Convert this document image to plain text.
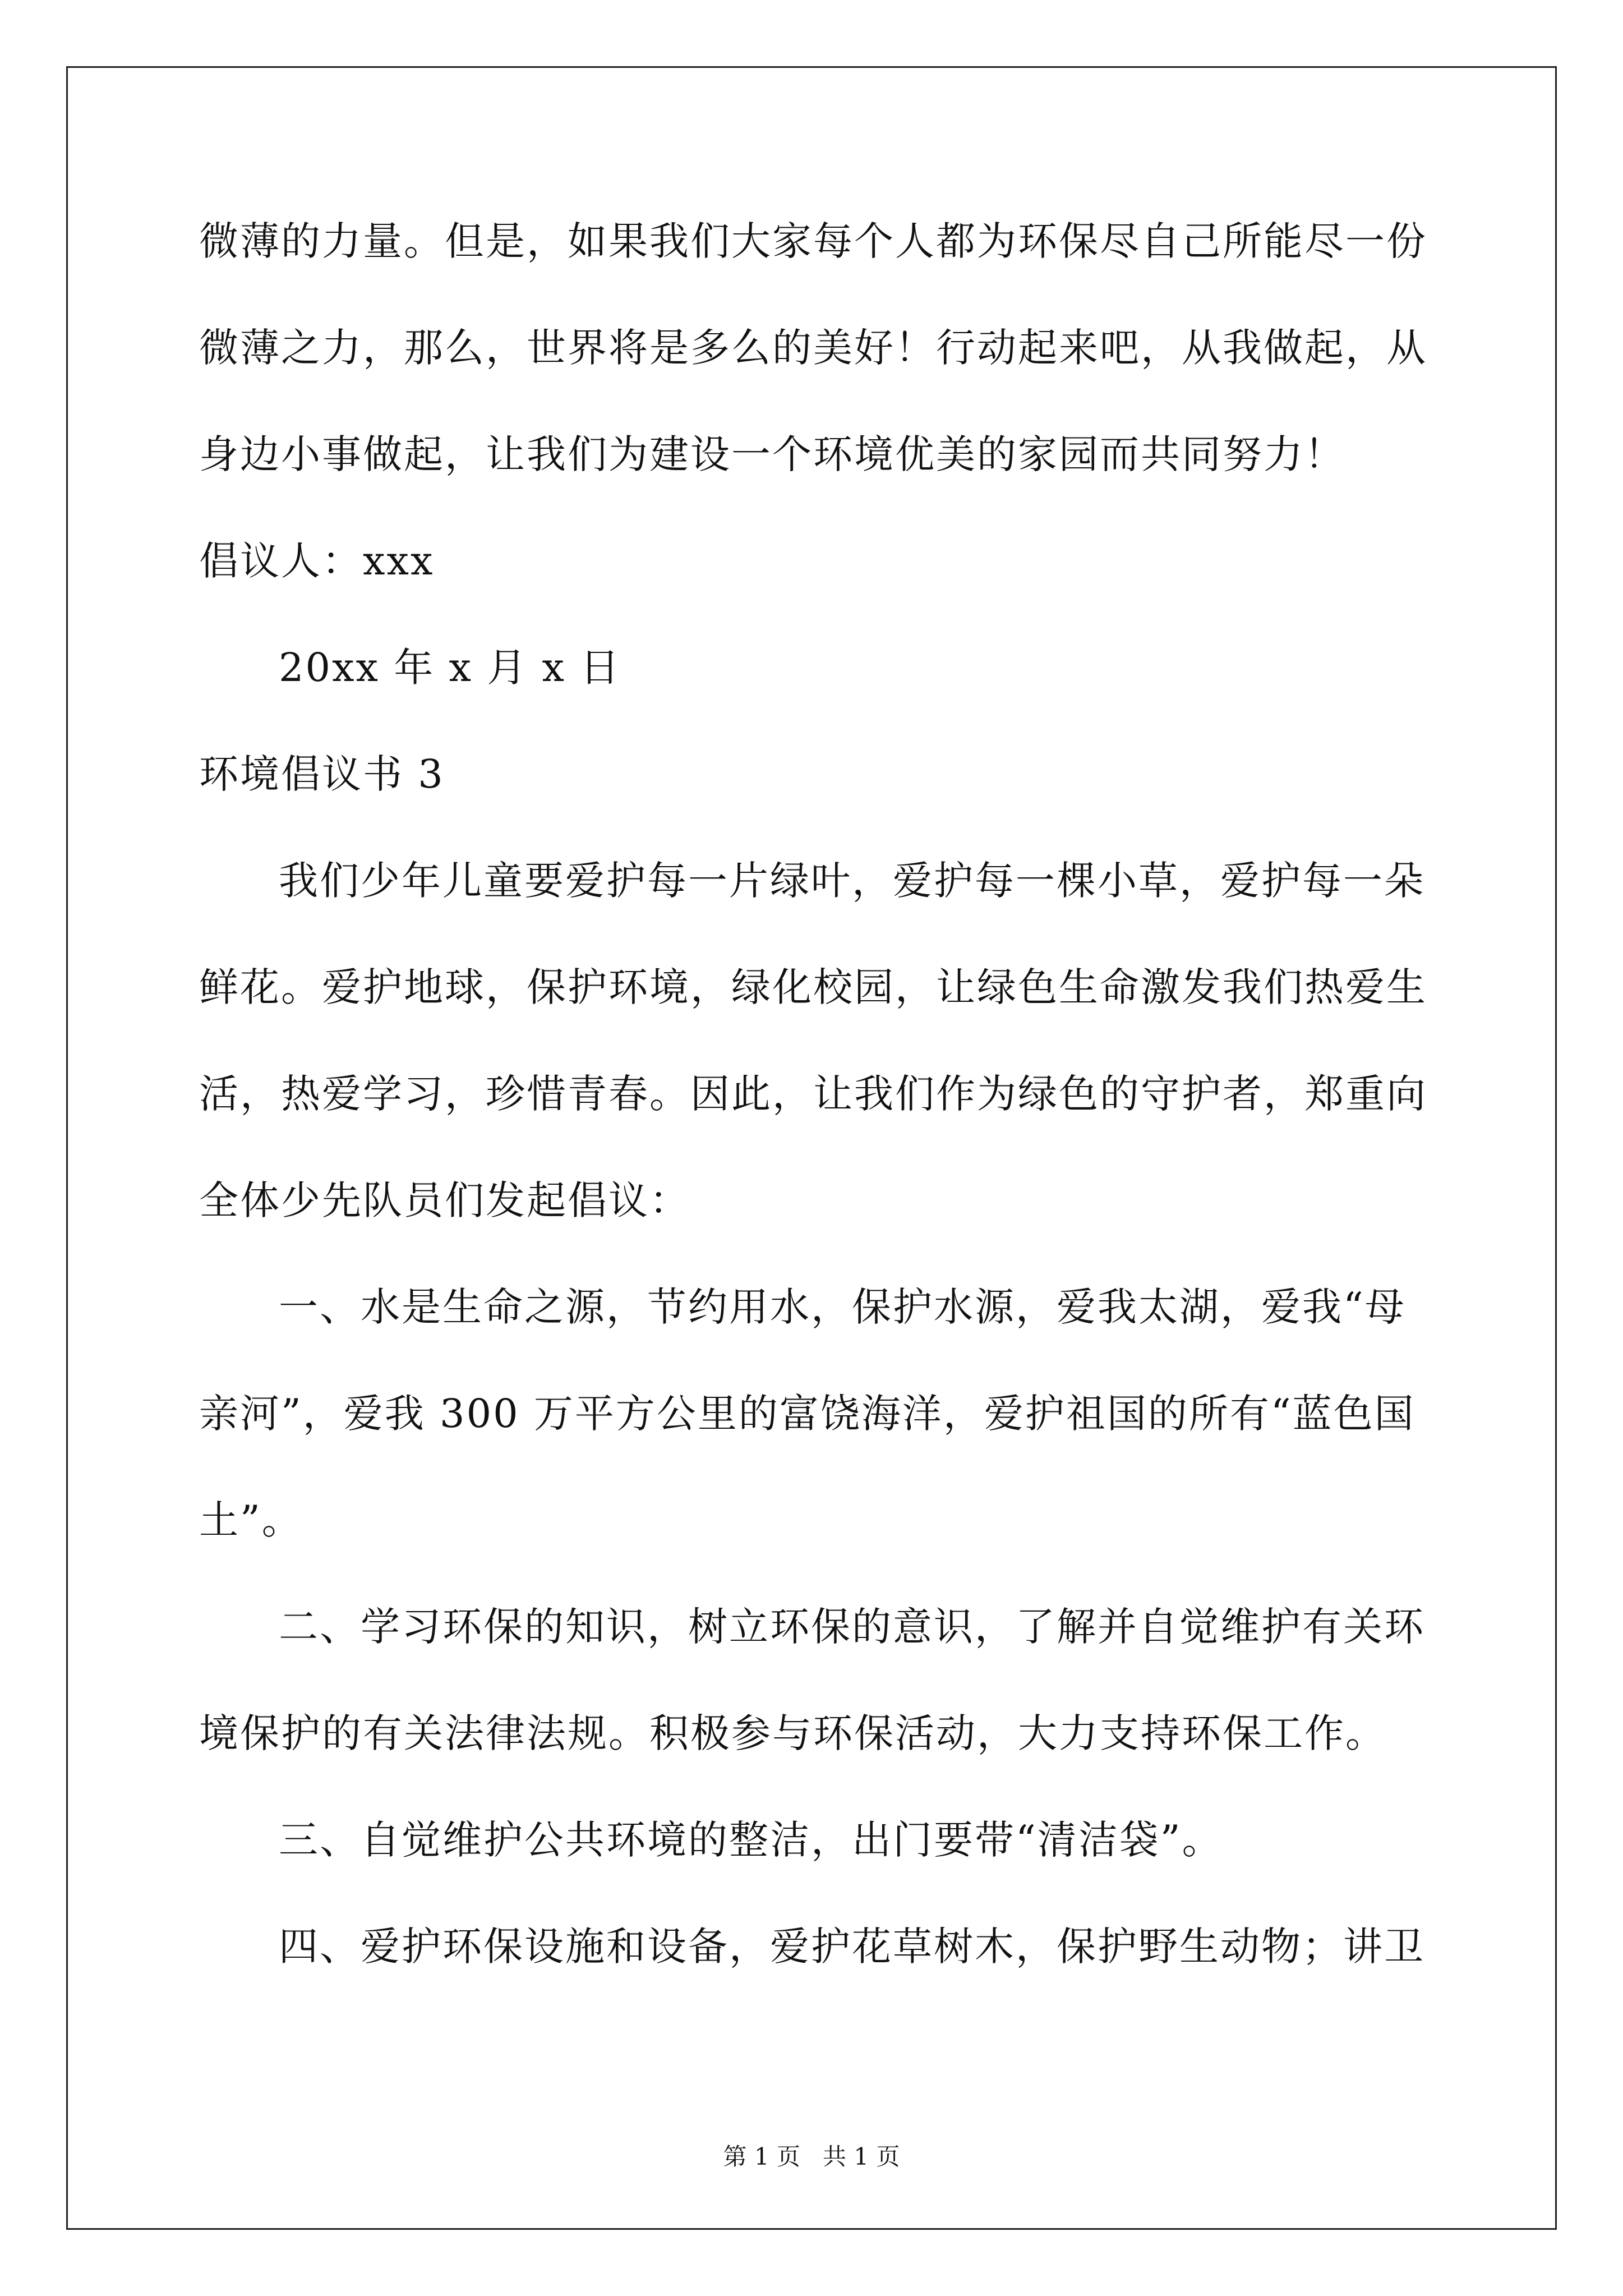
微薄的力量。但是，如果我们大家每个人都为环保尽自己所能尽一份
微薄之力，那么，世界将是多么的美好！行动起来吧，从我做起，从
身边小事做起，让我们为建设一个环境优美的家园而共同努力！
倡议人：xxx
20xx 年 x 月 x 日
环境倡议书 3
我们少年儿童要爱护每一片绿叶，爱护每一棵小草，爱护每一朵
鲜花。爱护地球，保护环境，绿化校园，让绿色生命激发我们热爱生
活，热爱学习，珍惜青春。因此，让我们作为绿色的守护者，郑重向
全体少先队员们发起倡议：
一、水是生命之源，节约用水，保护水源，爱我太湖，爱我“母
亲河”，爱我 300 万平方公里的富饶海洋，爱护祖国的所有“蓝色国
土”。
二、学习环保的知识，树立环保的意识，了解并自觉维护有关环
境保护的有关法律法规。积极参与环保活动，大力支持环保工作。
三、自觉维护公共环境的整洁，出门要带“清洁袋”。
四、爱护环保设施和设备，爱护花草树木，保护野生动物；讲卫
第 1 页   共 1 页
